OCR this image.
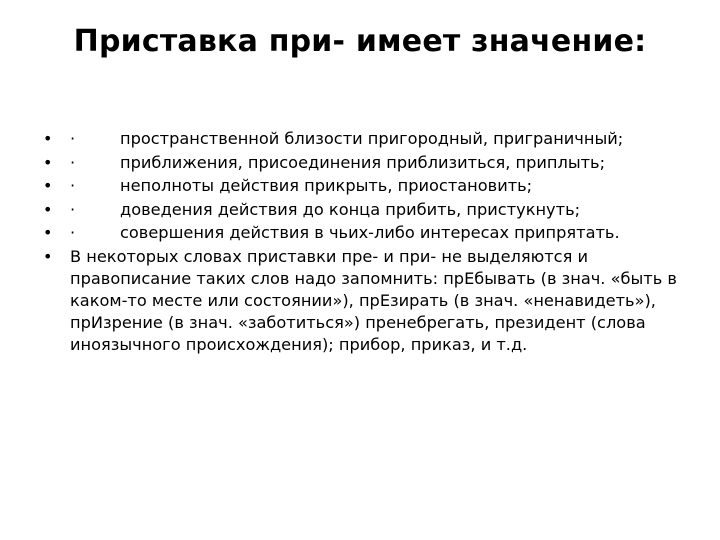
Приставка при- имеет значение:
• ·	пространственной близости пригородный, приграничный;
• ·	приближения, присоединения приблизиться, приплыть;
• ·	неполноты действия прикрыть, приостановить;
• ·	доведения действия до конца прибить, пристукнуть;
• ·	совершения действия в чьих-либо интересах припрятать.
• В некоторых словах приставки пре- и при- не выделяются и правописание таких слов надо запомнить: прЕбывать (в знач. «быть в каком-то месте или состоянии»), прЕзирать (в знач. «ненавидеть»), прИзрение (в знач. «заботиться») пренебрегать, президент (слова иноязычного происхождения); прибор, приказ, и т.д.
